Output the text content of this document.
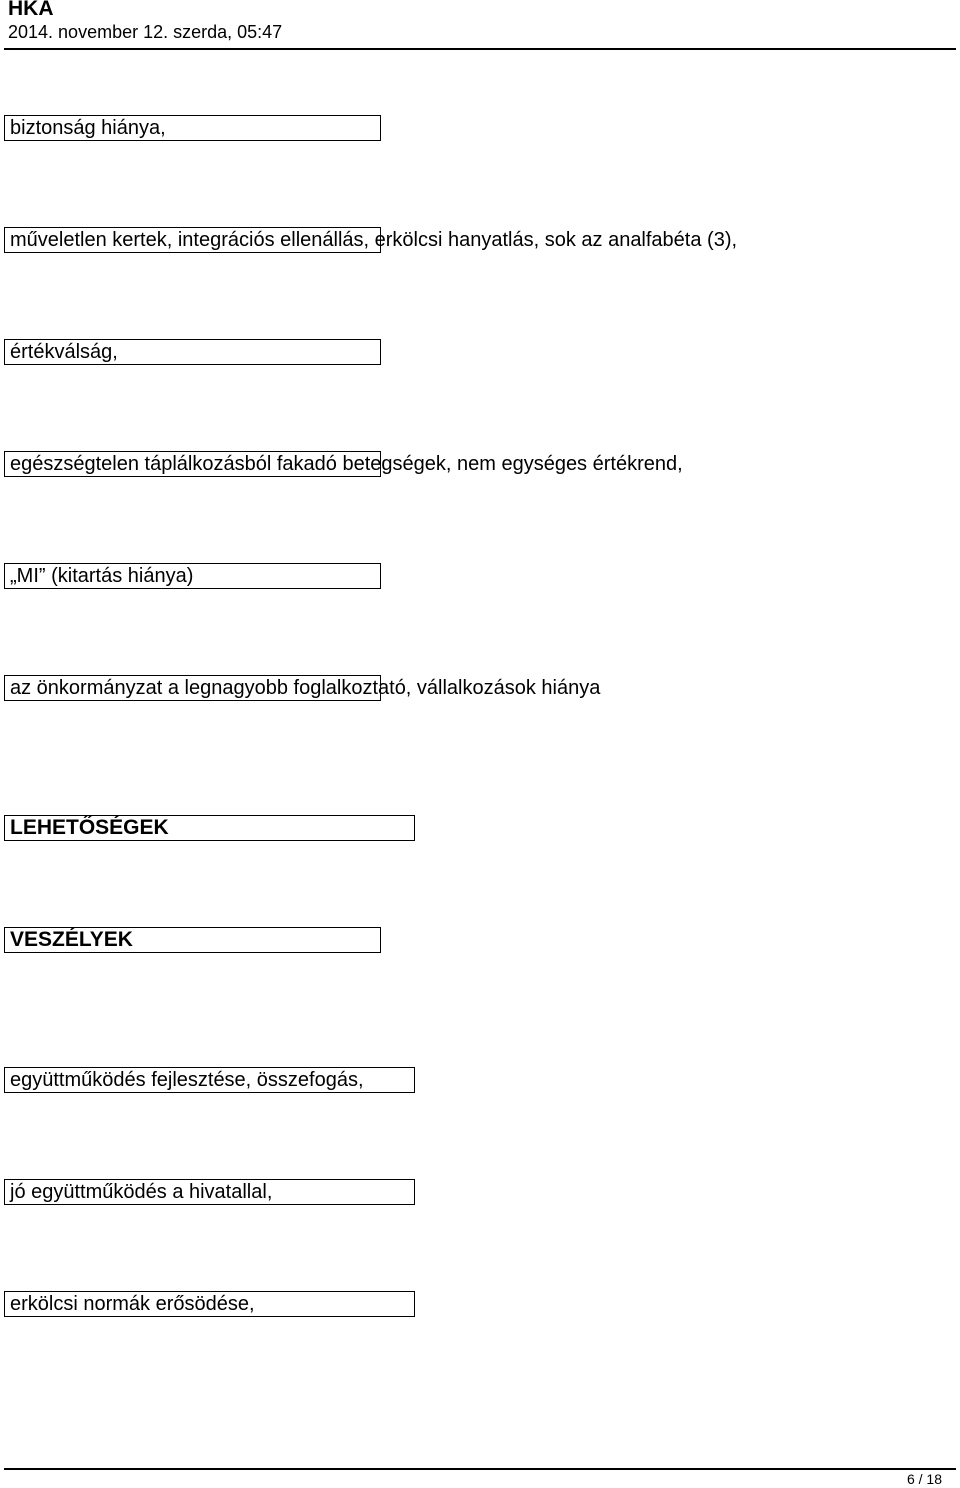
HKA
2014. november 12. szerda, 05:47
biztonság hiánya,
műveletlen kertek, integrációs ellenállás, erkölcsi hanyatlás, sok az analfabéta (3),
értékválság,
egészségtelen táplálkozásból fakadó betegségek, nem egységes értékrend,
„MI” (kitartás hiánya)
az önkormányzat a legnagyobb foglalkoztató, vállalkozások hiánya
LEHETŐSÉGEK
VESZÉLYEK
együttműködés fejlesztése, összefogás,
jó együttműködés a hivatallal,
erkölcsi normák erősödése,
6 / 18
